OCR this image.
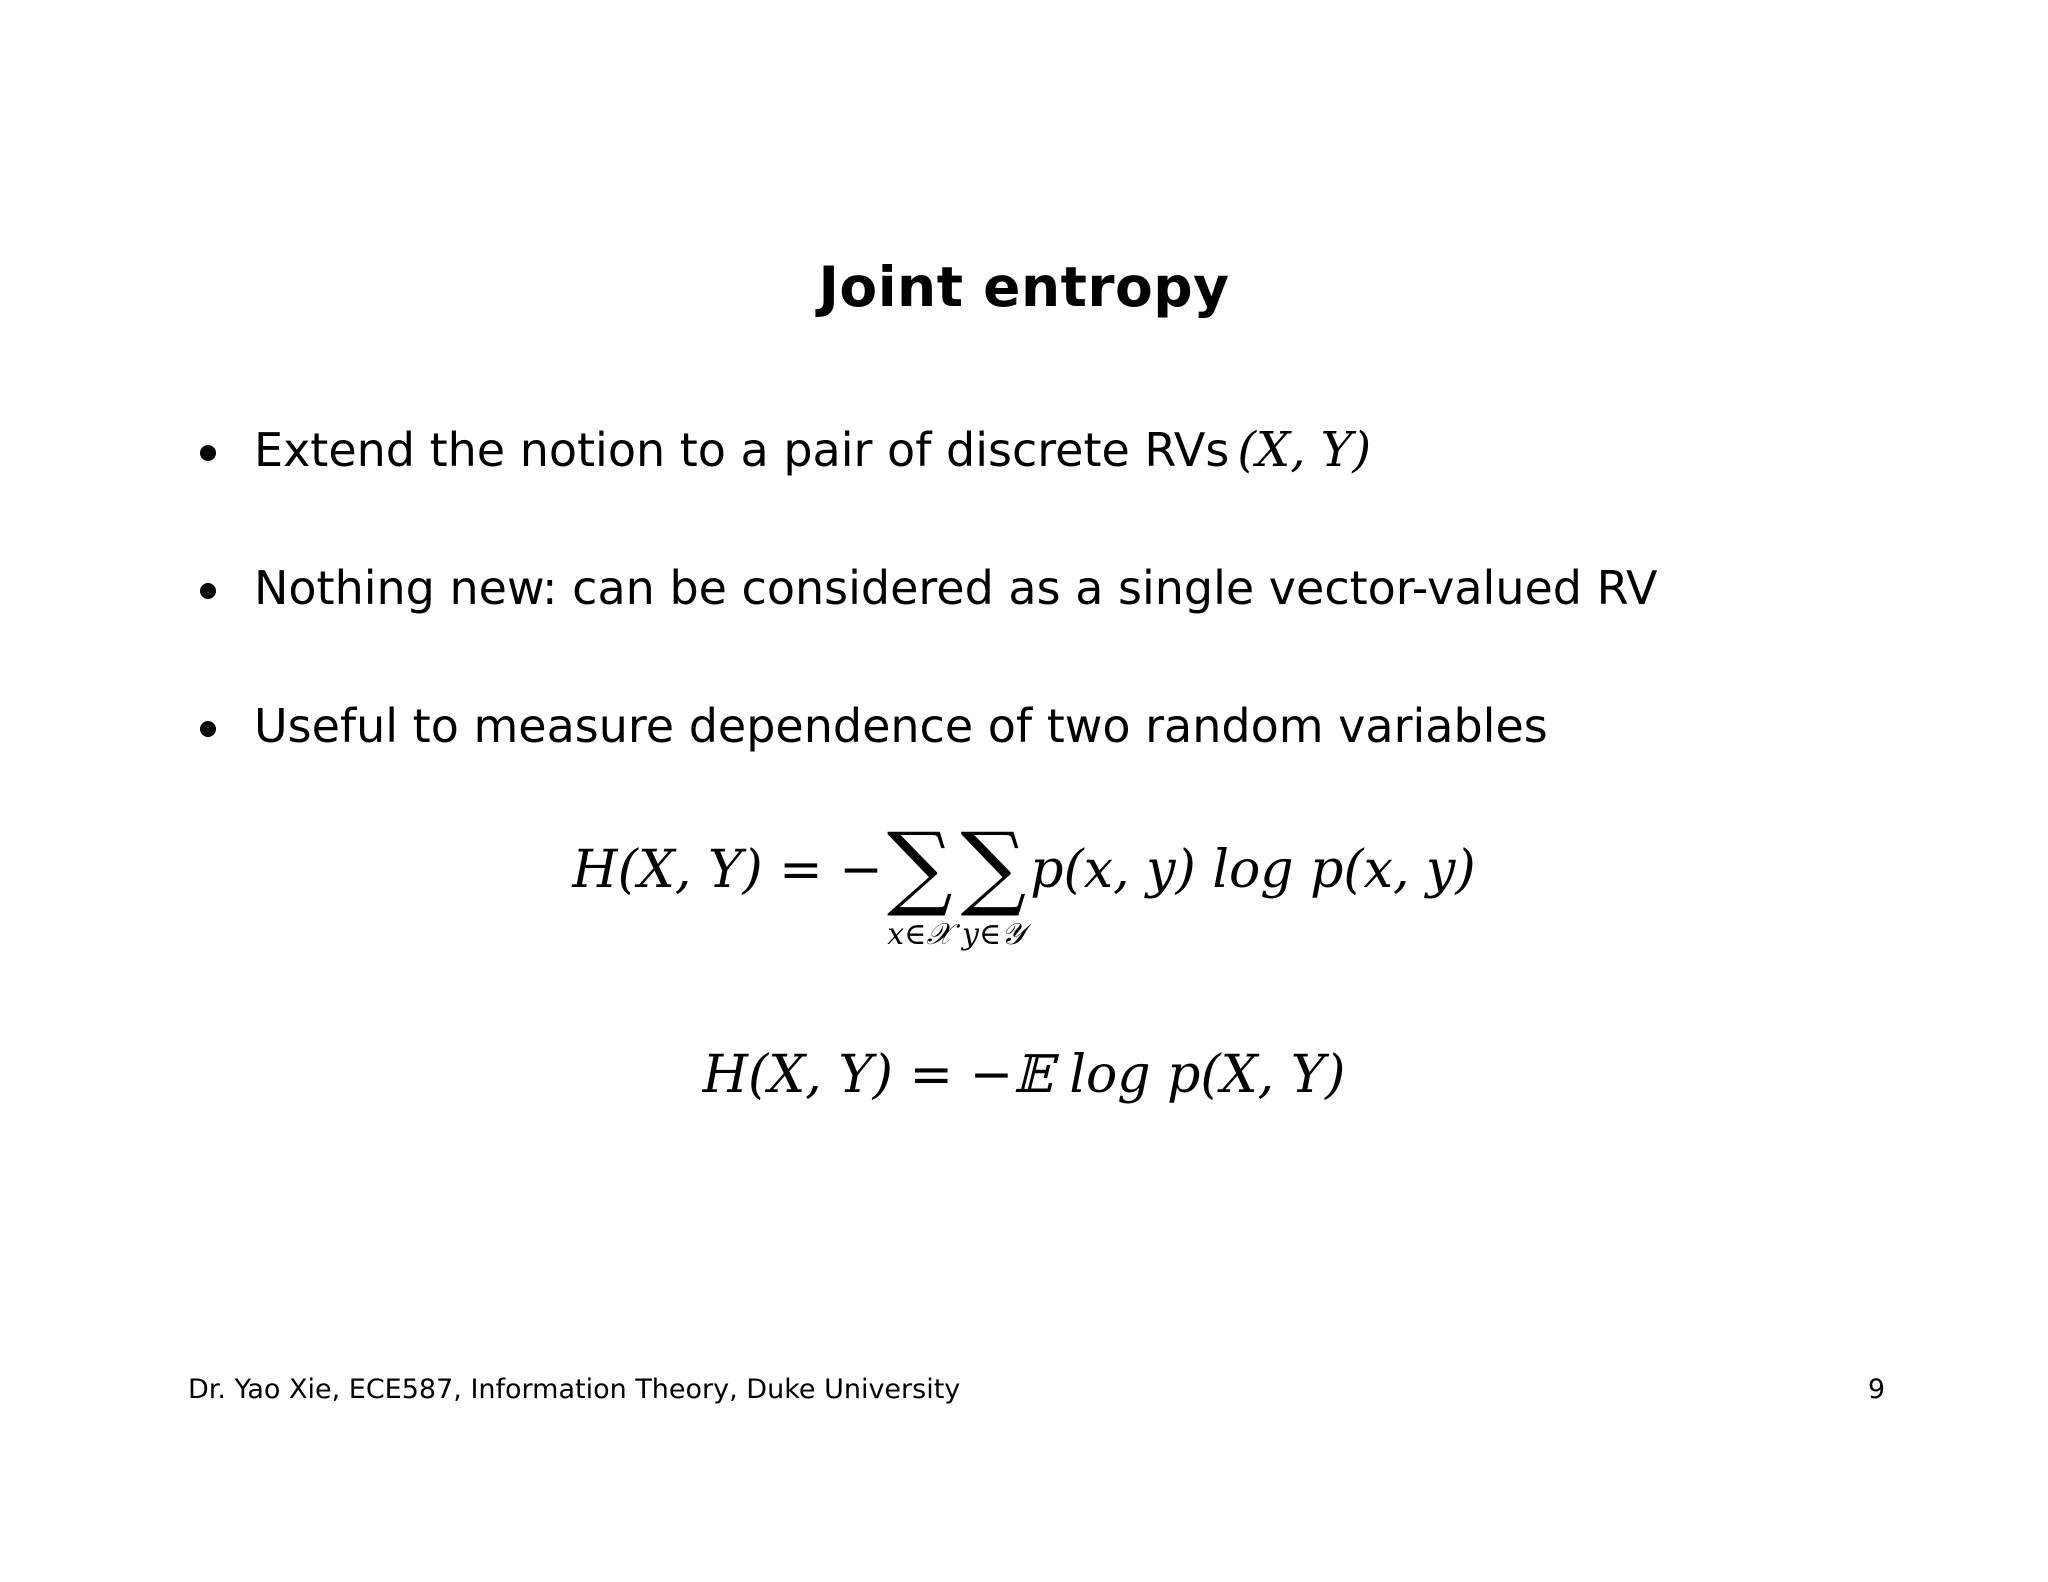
Joint entropy
Extend the notion to a pair of discrete RVs (X, Y)
Nothing new: can be considered as a single vector-valued RV
Useful to measure dependence of two random variables
H(X, Y) = − ∑
x∈𝒳
∑
y∈𝒴
p(x, y) log p(x, y)
H(X, Y) = −𝔼 log p(X, Y)
Dr. Yao Xie, ECE587, Information Theory, Duke University	9
